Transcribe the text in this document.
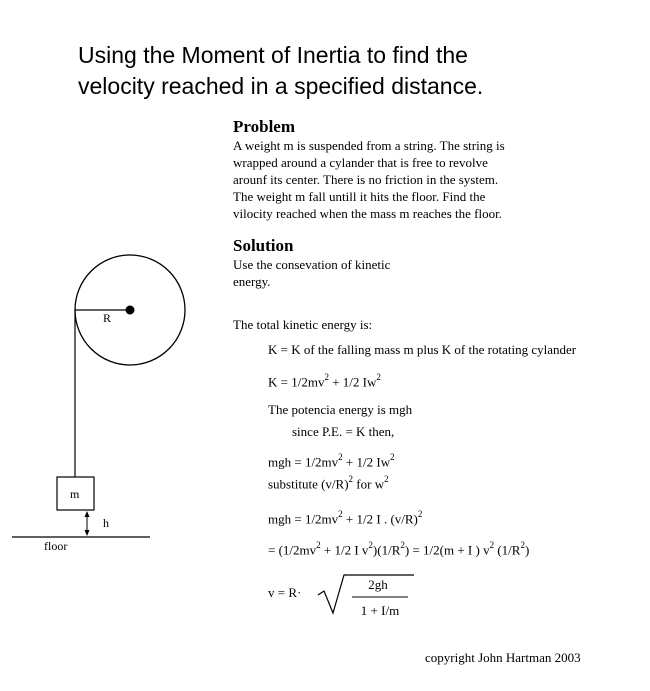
Using the Moment of Inertia to find the
velocity reached in a specified distance.
Problem
A weight m is suspended from a string. The string is
wrapped around a cylander that is free to revolve
arounf its center. There is no friction in the system.
The weight m fall untill it hits the floor. Find the
vilocity reached when the mass m reaches the floor.
Solution
Use the consevation of kinetic
energy.
The total kinetic energy is:
K = K of the falling mass m plus K of the rotating cylander
$K = 1/2mv^2 + 1/2$ Iw$^2$
The potencia energy is mgh
since P.E. = K then,
mgh = $1/2mv^2 + 1/2$ Iw$^2$
substitute $(v/R)^2$ for $w^2$
mgh = $1/2mv^2 + 1/2$ I . $(v/R)^2$
= ($1/2mv^2 + 1/2$ I $v^2)(1/R^2) = 1/2(m + I$ ) $v^2$ $(1/R^2)$
v = R·
2gh
1 + I/m
R
m
h
floor
copyright John Hartman 2003
